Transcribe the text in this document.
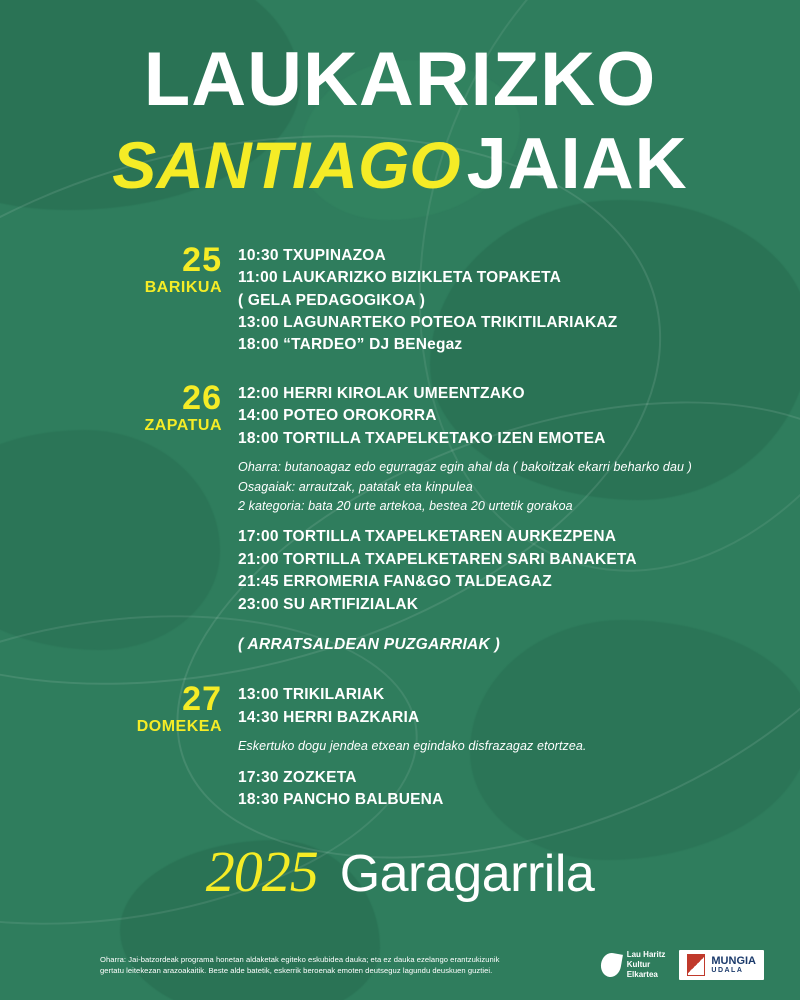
LAUKARIZKO
SANTIAGOJAIAK
25
BARIKUA
10:30 TXUPINAZOA
11:00 LAUKARIZKO BIZIKLETA TOPAKETA
( GELA PEDAGOGIKOA )
13:00 LAGUNARTEKO POTEOA TRIKITILARIAKAZ
18:00 “TARDEO” DJ BENegaz
26
ZAPATUA
12:00 HERRI KIROLAK UMEENTZAKO
14:00 POTEO OROKORRA
18:00 TORTILLA TXAPELKETAKO IZEN EMOTEA
Oharra: butanoagaz edo egurragaz egin ahal da ( bakoitzak ekarri beharko dau )
Osagaiak: arrautzak, patatak eta kinpulea
2 kategoria: bata 20 urte artekoa, bestea 20 urtetik gorakoa
17:00 TORTILLA TXAPELKETAREN AURKEZPENA
21:00 TORTILLA TXAPELKETAREN SARI BANAKETA
21:45 ERROMERIA FAN&GO TALDEAGAZ
23:00 SU ARTIFIZIALAK
( ARRATSALDEAN PUZGARRIAK )
27
DOMEKEA
13:00 TRIKILARIAK
14:30 HERRI BAZKARIA
Eskertuko dogu jendea etxean egindako disfrazagaz etortzea.
17:30 ZOZKETA
18:30 PANCHO BALBUENA
2025 Garagarrila
Oharra: Jai-batzordeak programa honetan aldaketak egiteko eskubidea dauka; eta ez dauka ezelango erantzukizunik gertatu leitekezan arazoakaitik. Beste alde batetik, eskerrik beroenak emoten deutseguz lagundu deuskuen guztiei.
Lau Haritz
Kultur
Elkartea
MUNGIA
UDALA
